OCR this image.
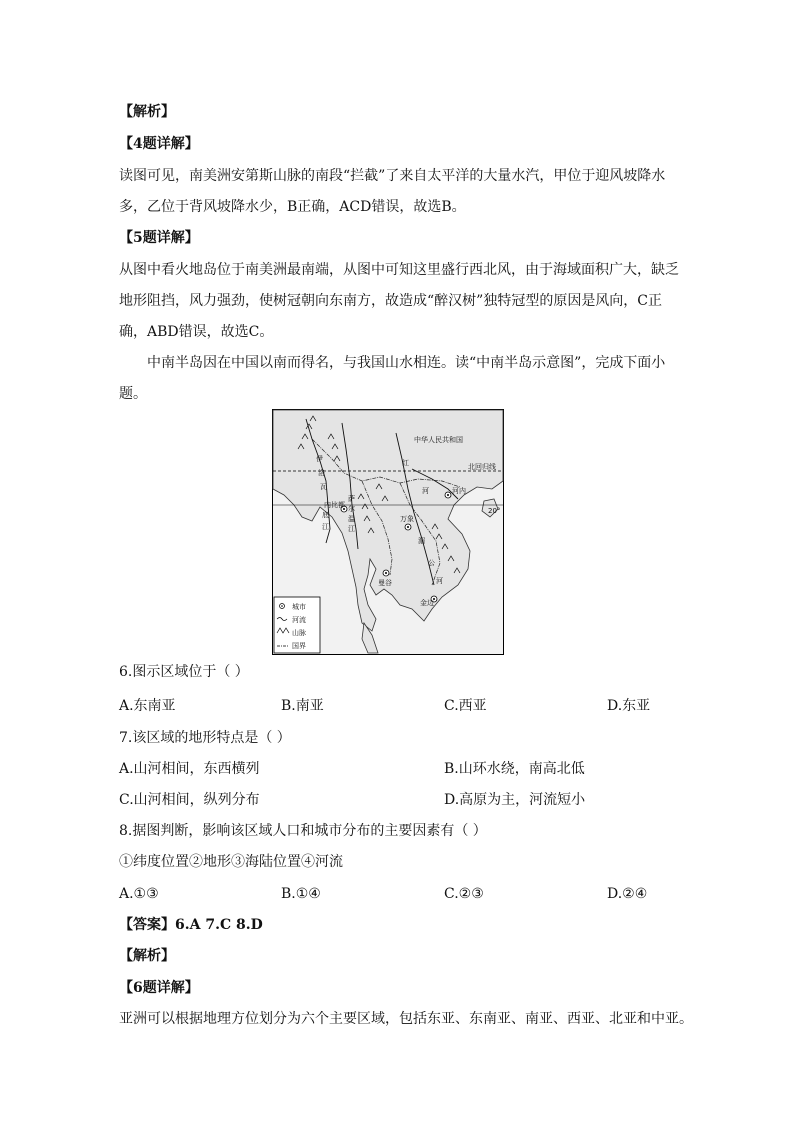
【解析】
【4题详解】
读图可见，南美洲安第斯山脉的南段“拦截”了来自太平洋的大量水汽，甲位于迎风坡降水
多，乙位于背风坡降水少，B正确，ACD错误，故选B。
【5题详解】
从图中看火地岛位于南美洲最南端，从图中可知这里盛行西北风，由于海域面积广大，缺乏
地形阻挡，风力强劲，使树冠朝向东南方，故造成“醉汉树”独特冠型的原因是风向，C正
确，ABD错误，故选C。
中南半岛因在中国以南而得名，与我国山水相连。读“中南半岛示意图”，完成下面小
题。
中华人民共和国
北回归线
20°
河内
内比都
万象
曼谷
金边
伊
洛
瓦
底
江
萨
尔
温
江
红
河
湄
公
河
城市
河流
山脉
国界
6.图示区域位于（ ）
A.东南亚	B.南亚	C.西亚	D.东亚
7.该区域的地形特点是（ ）
A.山河相间，东西横列	B.山环水绕，南高北低
C.山河相间，纵列分布	D.高原为主，河流短小
8.据图判断，影响该区域人口和城市分布的主要因素有（ ）
①纬度位置②地形③海陆位置④河流
A.①③	B.①④	C.②③	D.②④
【答案】6.A 7.C 8.D
【解析】
【6题详解】
亚洲可以根据地理方位划分为六个主要区域，包括东亚、东南亚、南亚、西亚、北亚和中亚。
